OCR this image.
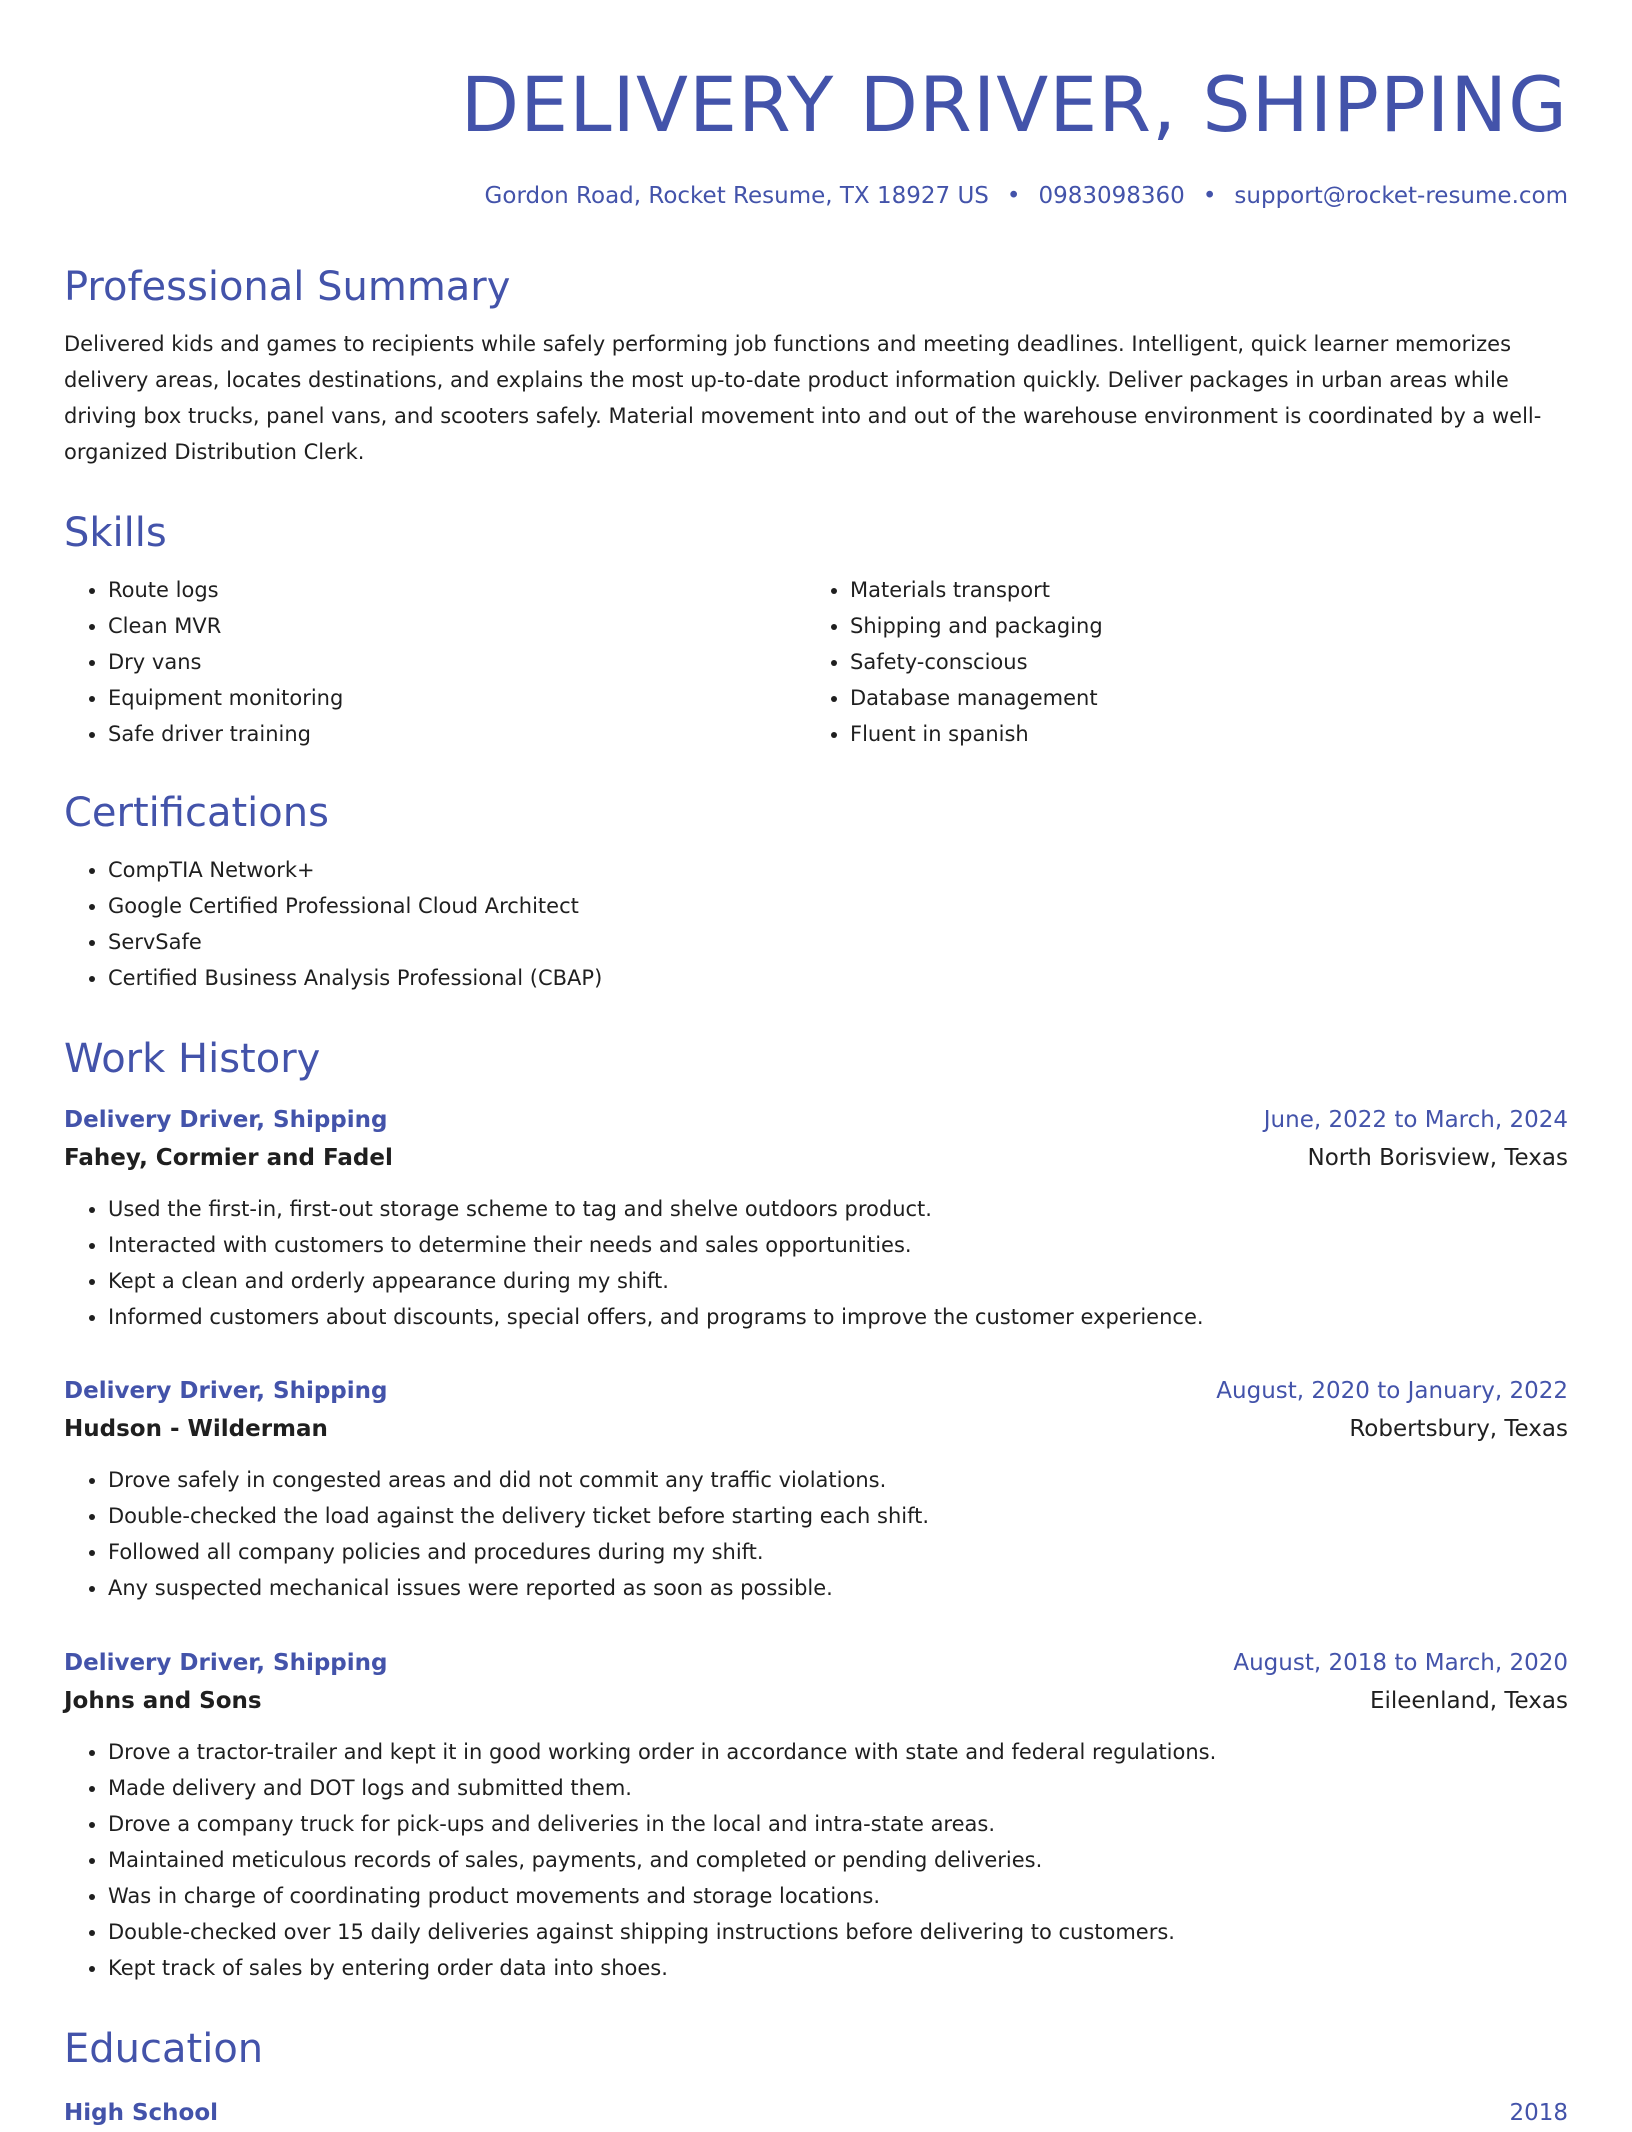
DELIVERY DRIVER, SHIPPING
Gordon Road, Rocket Resume, TX 18927 US • 0983098360 • support@rocket-resume.com
Professional Summary

Delivered kids and games to recipients while safely performing job functions and meeting deadlines. Intelligent, quick learner memorizes delivery areas, locates destinations, and explains the most up-to-date product information quickly. Deliver packages in urban areas while driving box trucks, panel vans, and scooters safely. Material movement into and out of the warehouse environment is coordinated by a well-organized Distribution Clerk.

Skills
• Route logs
• Clean MVR
• Dry vans
• Equipment monitoring
• Safe driver training
• Materials transport
• Shipping and packaging
• Safety-conscious
• Database management
• Fluent in spanish
Certifications
• CompTIA Network+
• Google Certified Professional Cloud Architect
• ServSafe
• Certified Business Analysis Professional (CBAP)
Work History
Delivery Driver, Shipping	June, 2022 to March, 2024
Fahey, Cormier and Fadel	North Borisview, Texas
• Used the first-in, first-out storage scheme to tag and shelve outdoors product.
• Interacted with customers to determine their needs and sales opportunities.
• Kept a clean and orderly appearance during my shift.
• Informed customers about discounts, special offers, and programs to improve the customer experience.
Delivery Driver, Shipping	August, 2020 to January, 2022
Hudson - Wilderman	Robertsbury, Texas
• Drove safely in congested areas and did not commit any traffic violations.
• Double-checked the load against the delivery ticket before starting each shift.
• Followed all company policies and procedures during my shift.
• Any suspected mechanical issues were reported as soon as possible.
Delivery Driver, Shipping	August, 2018 to March, 2020
Johns and Sons	Eileenland, Texas
• Drove a tractor-trailer and kept it in good working order in accordance with state and federal regulations.
• Made delivery and DOT logs and submitted them.
• Drove a company truck for pick-ups and deliveries in the local and intra-state areas.
• Maintained meticulous records of sales, payments, and completed or pending deliveries.
• Was in charge of coordinating product movements and storage locations.
• Double-checked over 15 daily deliveries against shipping instructions before delivering to customers.
• Kept track of sales by entering order data into shoes.
Education
High School	2018
